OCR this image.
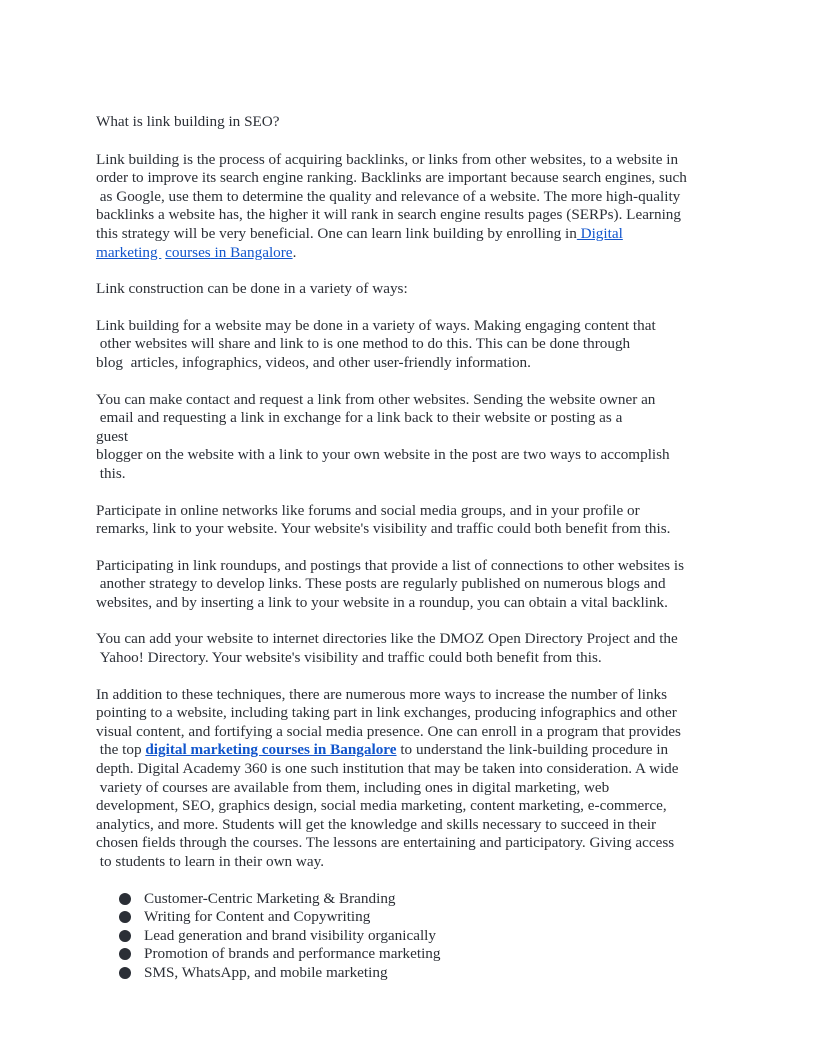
What is link building in SEO?

Link building is the process of acquiring backlinks, or links from other websites, to a website in
order to improve its search engine ranking. Backlinks are important because search engines, such
as Google, use them to determine the quality and relevance of a website. The more high-quality
backlinks a website has, the higher it will rank in search engine results pages (SERPs). Learning
this strategy will be very beneficial. One can learn link building by enrolling in Digital
marketing  courses in Bangalore.

Link construction can be done in a variety of ways:

Link building for a website may be done in a variety of ways. Making engaging content that
other websites will share and link to is one method to do this. This can be done through
blog  articles, infographics, videos, and other user-friendly information.

You can make contact and request a link from other websites. Sending the website owner an
email and requesting a link in exchange for a link back to their website or posting as a
guest
blogger on the website with a link to your own website in the post are two ways to accomplish
this.

Participate in online networks like forums and social media groups, and in your profile or
remarks, link to your website. Your website's visibility and traffic could both benefit from this.

Participating in link roundups, and postings that provide a list of connections to other websites is
another strategy to develop links. These posts are regularly published on numerous blogs and
websites, and by inserting a link to your website in a roundup, you can obtain a vital backlink.

You can add your website to internet directories like the DMOZ Open Directory Project and the
Yahoo! Directory. Your website's visibility and traffic could both benefit from this.

In addition to these techniques, there are numerous more ways to increase the number of links
pointing to a website, including taking part in link exchanges, producing infographics and other
visual content, and fortifying a social media presence. One can enroll in a program that provides
the top digital marketing courses in Bangalore to understand the link-building procedure in
depth. Digital Academy 360 is one such institution that may be taken into consideration. A wide
variety of courses are available from them, including ones in digital marketing, web
development, SEO, graphics design, social media marketing, content marketing, e-commerce,
analytics, and more. Students will get the knowledge and skills necessary to succeed in their
chosen fields through the courses. The lessons are entertaining and participatory. Giving access
to students to learn in their own way.

Customer-Centric Marketing & Branding
Writing for Content and Copywriting
Lead generation and brand visibility organically
Promotion of brands and performance marketing
SMS, WhatsApp, and mobile marketing
